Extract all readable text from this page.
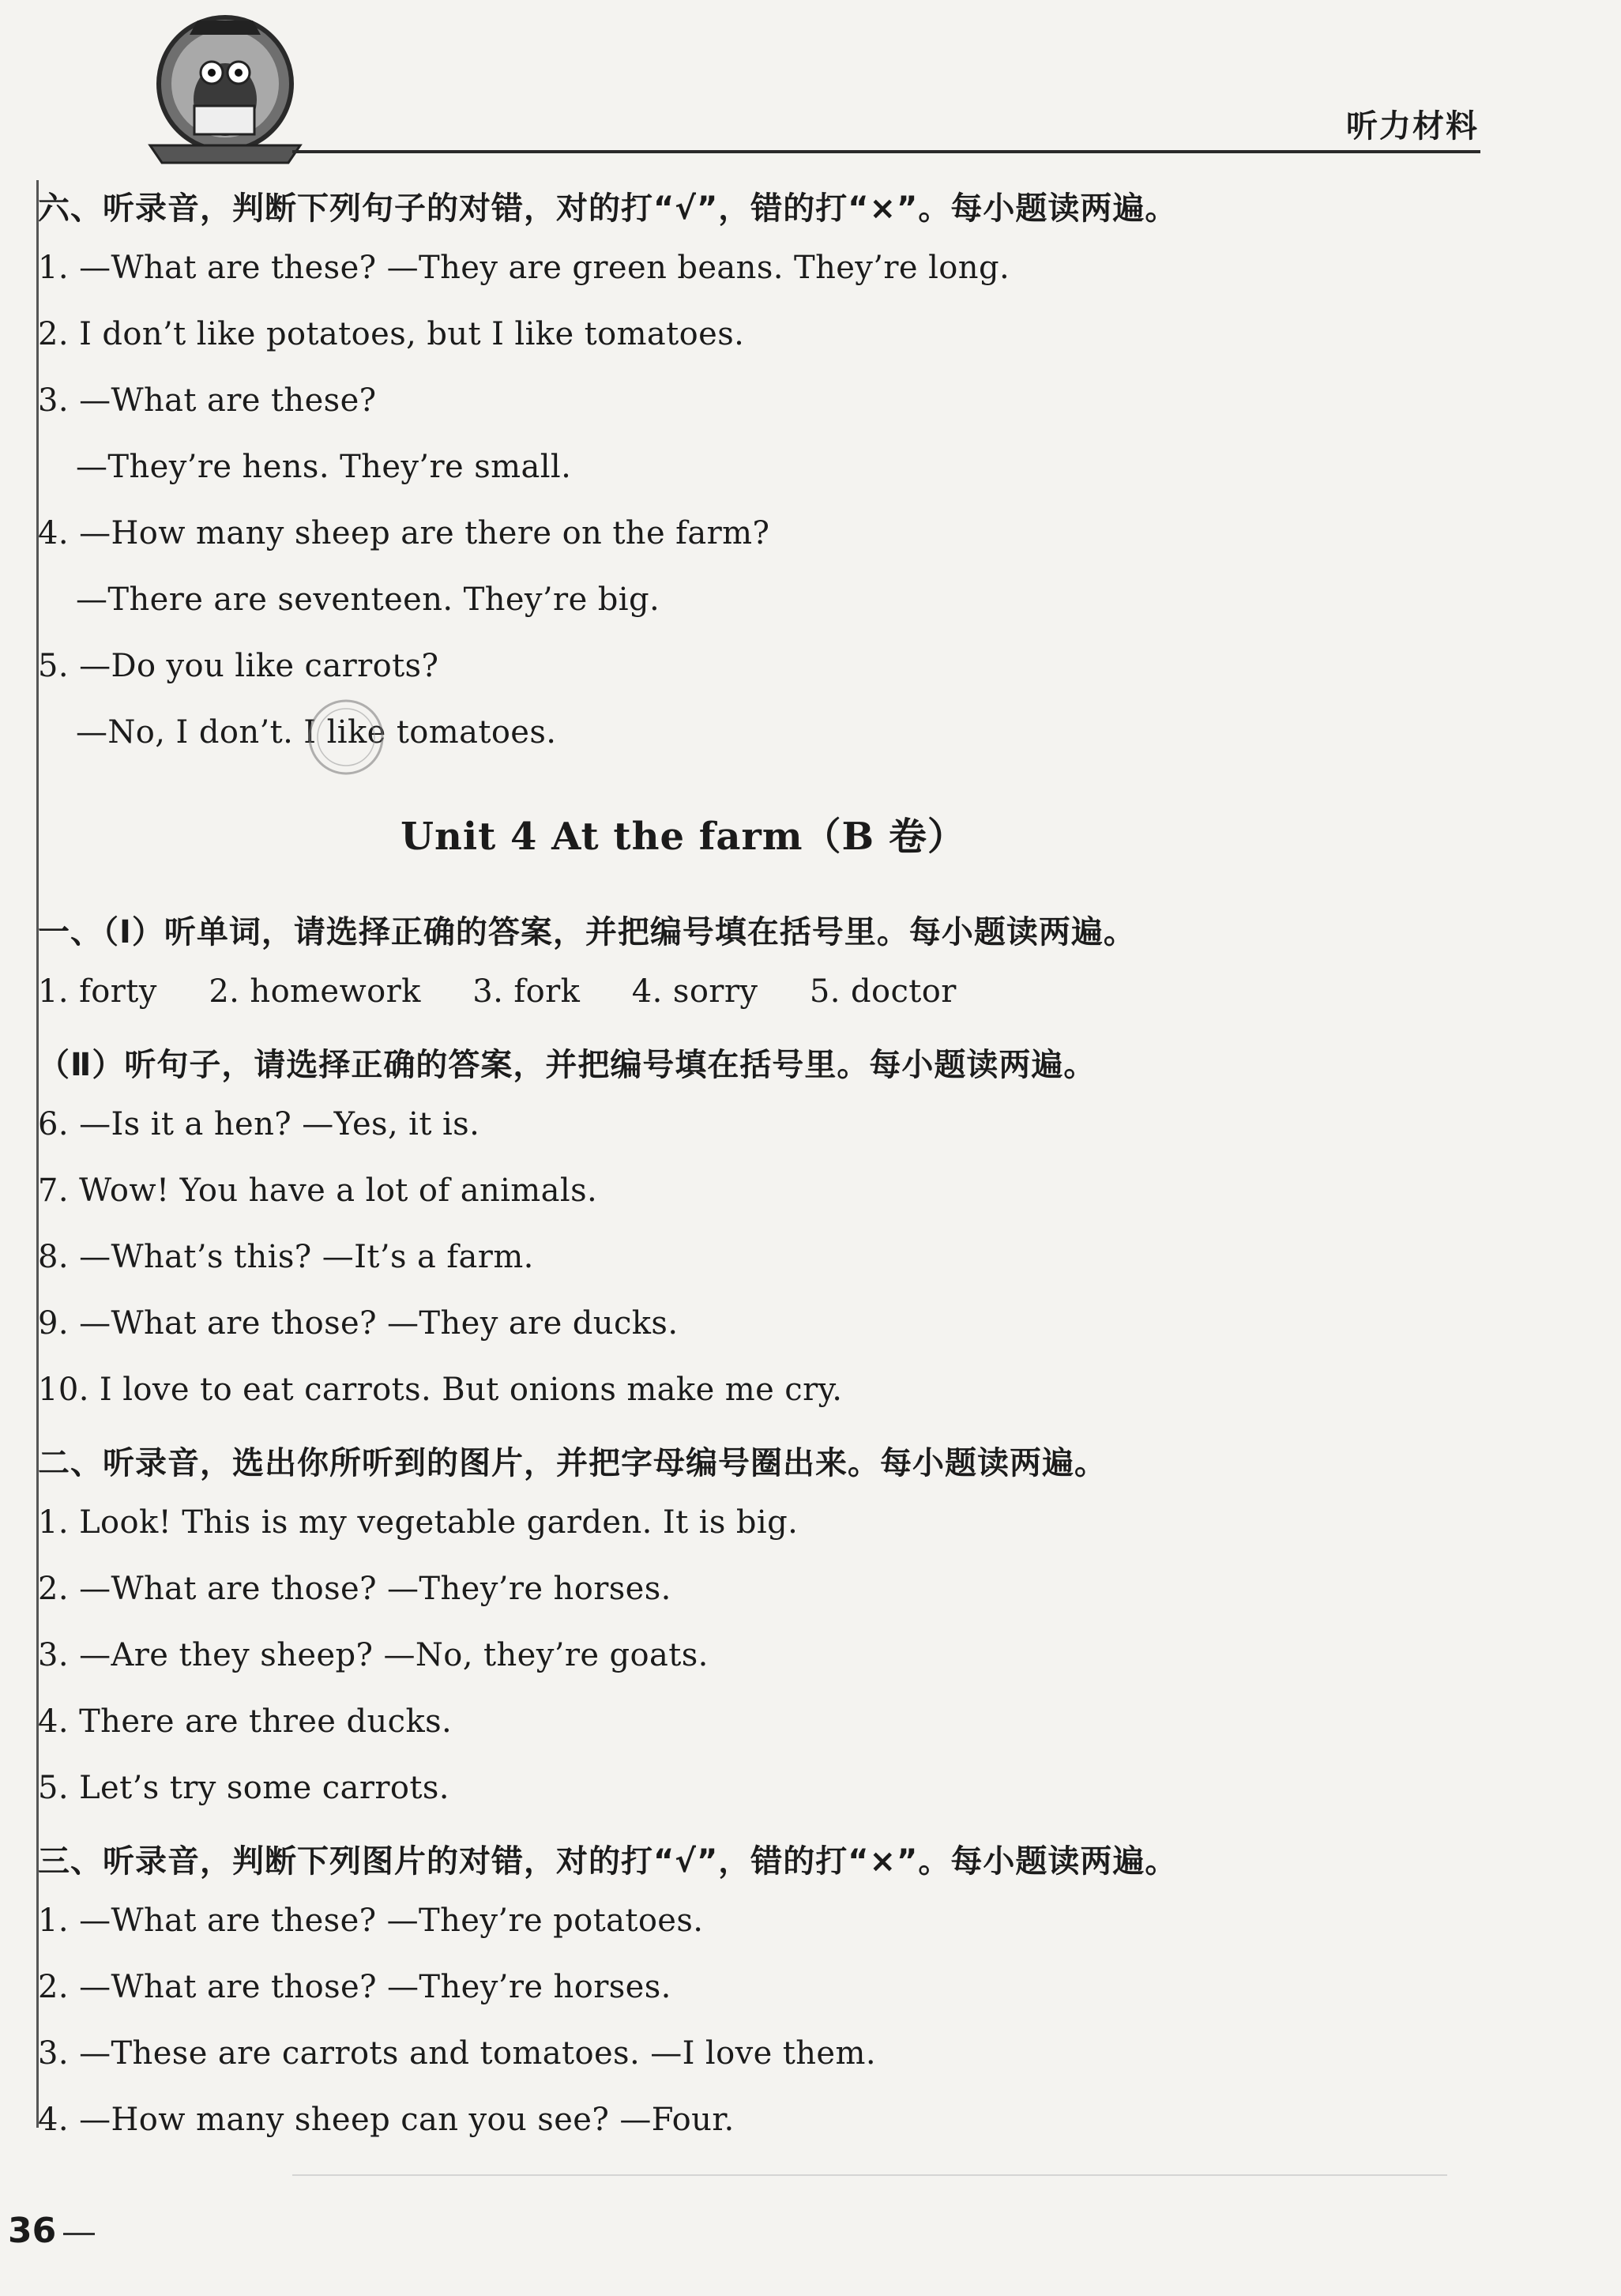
听力材料
六、听录音，判断下列句子的对错，对的打“√”，错的打“×”。每小题读两遍。
1. —What are these? —They are green beans. They’re long.
2. I don’t like potatoes, but I like tomatoes.
3. —What are these?
—They’re hens. They’re small.
4. —How many sheep are there on the farm?
—There are seventeen. They’re big.
5. —Do you like carrots?
—No, I don’t. I like tomatoes.
Unit 4 At the farm（B 卷）
一、（Ⅰ）听单词，请选择正确的答案，并把编号填在括号里。每小题读两遍。
1. forty     2. homework     3. fork     4. sorry     5. doctor
（Ⅱ）听句子，请选择正确的答案，并把编号填在括号里。每小题读两遍。
6. —Is it a hen? —Yes, it is.
7. Wow! You have a lot of animals.
8. —What’s this? —It’s a farm.
9. —What are those? —They are ducks.
10. I love to eat carrots. But onions make me cry.
二、听录音，选出你所听到的图片，并把字母编号圈出来。每小题读两遍。
1. Look! This is my vegetable garden. It is big.
2. —What are those? —They’re horses.
3. —Are they sheep? —No, they’re goats.
4. There are three ducks.
5. Let’s try some carrots.
三、听录音，判断下列图片的对错，对的打“√”，错的打“×”。每小题读两遍。
1. —What are these? —They’re potatoes.
2. —What are those? —They’re horses.
3. —These are carrots and tomatoes. —I love them.
4. —How many sheep can you see? —Four.
36
